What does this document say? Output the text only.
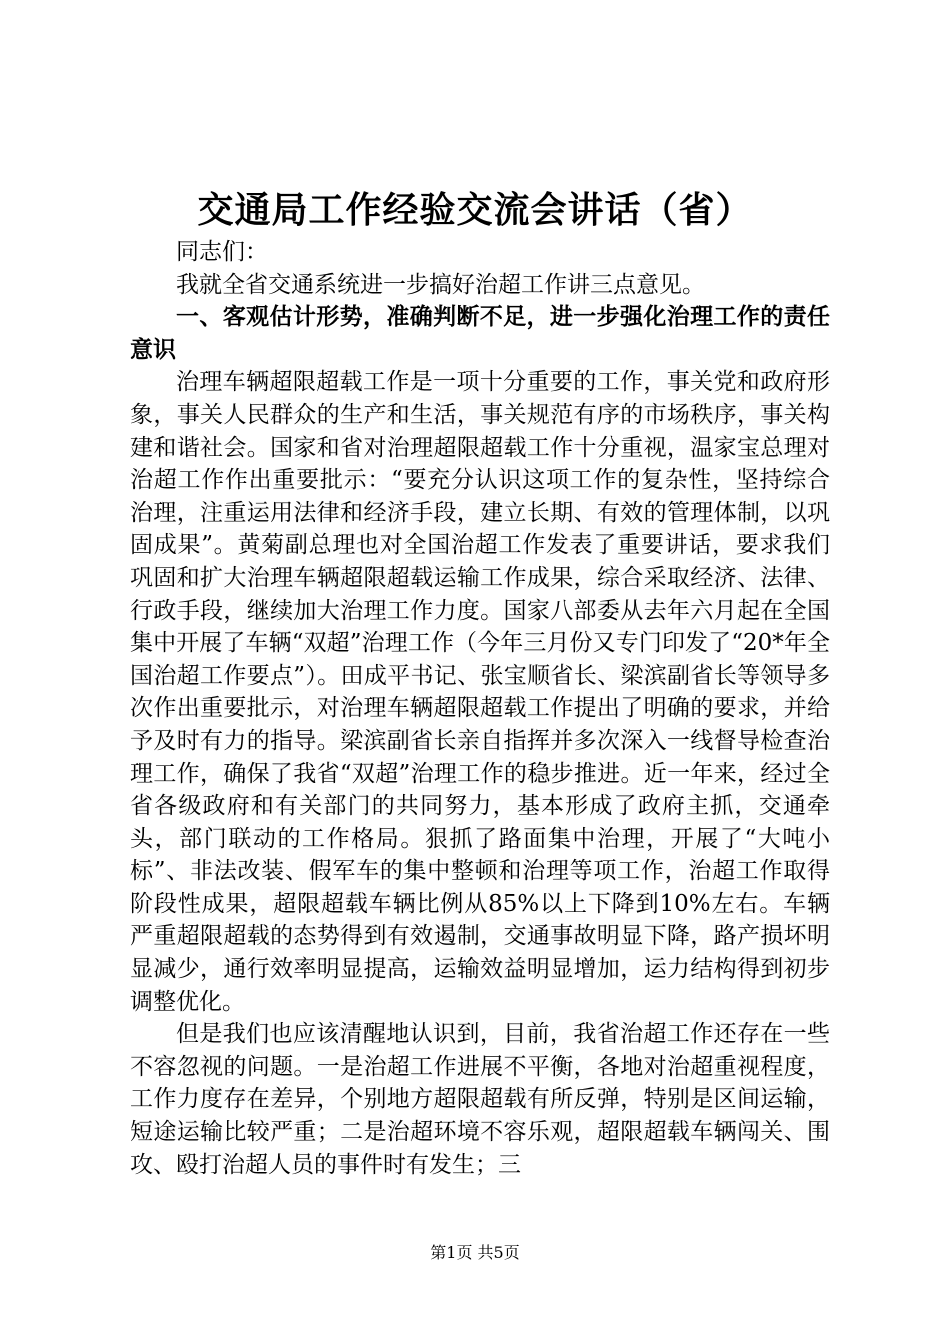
交通局工作经验交流会讲话（省）

同志们：

我就全省交通系统进一步搞好治超工作讲三点意见。

一、客观估计形势，准确判断不足，进一步强化治理工作的责任意识

治理车辆超限超载工作是一项十分重要的工作，事关党和政府形象，事关人民群众的生产和生活，事关规范有序的市场秩序，事关构建和谐社会。国家和省对治理超限超载工作十分重视，温家宝总理对治超工作作出重要批示：“要充分认识这项工作的复杂性，坚持综合治理，注重运用法律和经济手段，建立长期、有效的管理体制，以巩固成果”。黄菊副总理也对全国治超工作发表了重要讲话，要求我们巩固和扩大治理车辆超限超载运输工作成果，综合采取经济、法律、行政手段，继续加大治理工作力度。国家八部委从去年六月起在全国集中开展了车辆“双超”治理工作（今年三月份又专门印发了“20*年全国治超工作要点”）。田成平书记、张宝顺省长、梁滨副省长等领导多次作出重要批示，对治理车辆超限超载工作提出了明确的要求，并给予及时有力的指导。梁滨副省长亲自指挥并多次深入一线督导检查治理工作，确保了我省“双超”治理工作的稳步推进。近一年来，经过全省各级政府和有关部门的共同努力，基本形成了政府主抓，交通牵头，部门联动的工作格局。狠抓了路面集中治理，开展了“大吨小标”、非法改装、假军车的集中整顿和治理等项工作，治超工作取得阶段性成果，超限超载车辆比例从85%以上下降到10%左右。车辆严重超限超载的态势得到有效遏制，交通事故明显下降，路产损坏明显减少，通行效率明显提高，运输效益明显增加，运力结构得到初步调整优化。

但是我们也应该清醒地认识到，目前，我省治超工作还存在一些不容忽视的问题。一是治超工作进展不平衡，各地对治超重视程度，工作力度存在差异，个别地方超限超载有所反弹，特别是区间运输，短途运输比较严重；二是治超环境不容乐观，超限超载车辆闯关、围攻、殴打治超人员的事件时有发生；三

第1页 共5页
